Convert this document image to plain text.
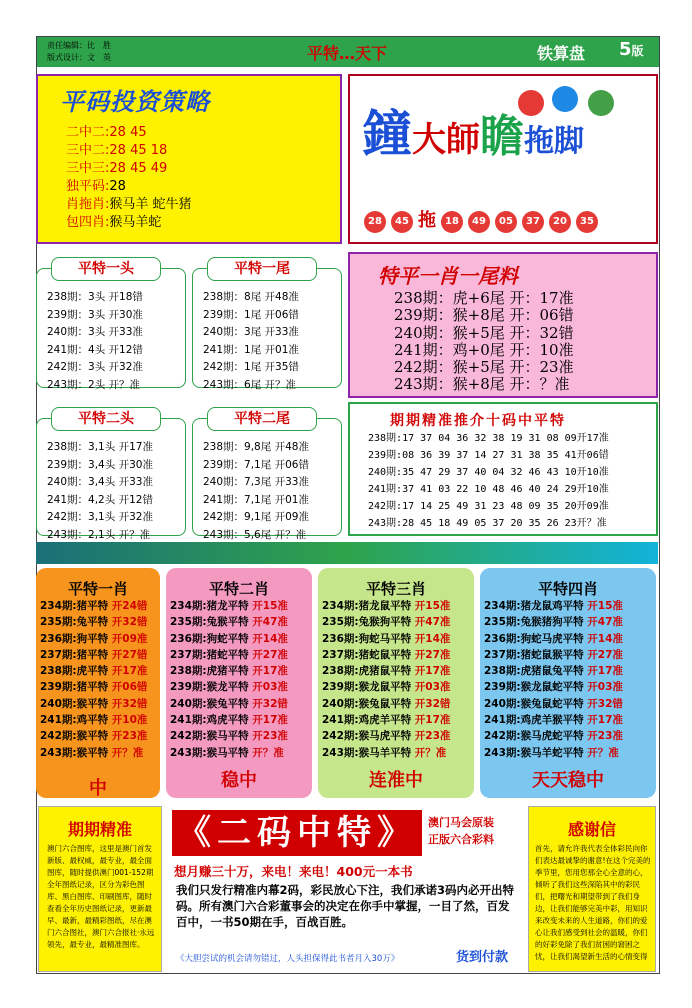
责任编辑：比　胜
版式设计：文　英	平特…天下	铁算盘 5版
平码投资策略
二中二:28 45
三中二:28 45 18
三中三:28 45 49
独平码:28
肖拖肖:猴马羊 蛇牛猪
包四肖:猴马羊蛇
鐘大師瞻拖脚
28 45 拖 18 49 05 37 20 35
平特一头
238期：3头 开18错
239期：3头 开30准
240期：3头 开33准
241期：4头 开12错
242期：3头 开32准
243期：2头 开？准
平特一尾
238期：8尾 开48准
239期：1尾 开06错
240期：3尾 开33准
241期：1尾 开01准
242期：1尾 开35错
243期：6尾 开？准
平特二头
238期：3,1头 开17准
239期：3,4头 开30准
240期：3,4头 开33准
241期：4,2头 开12错
242期：3,1头 开32准
243期：2,1头 开？准
平特二尾
238期：9,8尾 开48准
239期：7,1尾 开06错
240期：7,3尾 开33准
241期：7,1尾 开01准
242期：9,1尾 开09准
243期：5,6尾 开？准
特平一肖一尾料
238期：虎+6尾 开：17准
239期：猴+8尾 开：06错
240期：猴+5尾 开：32错
241期：鸡+0尾 开：10准
242期：猴+5尾 开：23准
243期：猴+8尾 开：？准
期期精准推介十码中平特
238期:17 37 04 36 32 38 19 31 08 09开17准
239期:08 36 39 37 14 27 31 38 35 41开06错
240期:35 47 29 37 40 04 32 46 43 10开10准
241期:37 41 03 22 10 48 46 40 24 29开10准
242期:17 14 25 49 31 23 48 09 35 20开09准
243期:28 45 18 49 05 37 20 35 26 23开？准
平特一肖
234期:猪平特 开24错
235期:兔平特 开32错
236期:狗平特 开09准
237期:猪平特 开27错
238期:虎平特 开17准
239期:猪平特 开06错
240期:猴平特 开32错
241期:鸡平特 开10准
242期:猴平特 开23准
243期:猴平特 开？准
中
平特二肖
234期:猪龙平特 开15准
235期:兔猴平特 开47准
236期:狗蛇平特 开14准
237期:猪蛇平特 开27准
238期:虎猪平特 开17准
239期:猴龙平特 开03准
240期:猴兔平特 开32错
241期:鸡虎平特 开17准
242期:猴马平特 开23准
243期:猴马平特 开？准
稳中
平特三肖
234期:猪龙鼠平特 开15准
235期:兔猴狗平特 开47准
236期:狗蛇马平特 开14准
237期:猪蛇鼠平特 开27准
238期:虎猪鼠平特 开17准
239期:猴龙鼠平特 开03准
240期:猴兔鼠平特 开32错
241期:鸡虎羊平特 开17准
242期:猴马虎平特 开23准
243期:猴马羊平特 开？准
连准中
平特四肖
234期:猪龙鼠鸡平特 开15准
235期:兔猴猪狗平特 开47准
236期:狗蛇马虎平特 开14准
237期:猪蛇鼠猴平特 开27准
238期:虎猪鼠兔平特 开17准
239期:猴龙鼠蛇平特 开03准
240期:猴兔鼠蛇平特 开32错
241期:鸡虎羊猴平特 开17准
242期:猴马虎蛇平特 开23准
243期:猴马羊蛇平特 开？准
天天稳中
期期精准
澳门六合图库，这里是澳门首发新版、最权威，最专业，最全面图库，随时提供澳门001-152期全年图纸记录，区分为彩色图库、黑白图库、印刷图库，随时查看全年历史图纸记录，更新最早、最新，最精彩图纸，尽在澳门六合图社，澳门六合报社·永远领先，最专业，最精准图库。
《二码中特》	澳门马会原装
正版六合彩料
想月赚三十万，来电！来电！400元一本书
我们只发行精准内幕2码，彩民放心下注，我们承诺3码内必开出特码。所有澳门六合彩董事会的决定在你手中掌握，一目了然，百发百中，一书50期在手，百战百胜。
《大胆尝试的机会请勿错过，人头担保得此书者月入30万》	货到付款
感谢信
首先，请允许我代表全体彩民向你们表达最诚挚的谢意!在这个完美的季节里，您用您那全心全意的心，倾听了我们这些深陷其中的彩民们，把曙光和期望带到了我们身边，让我们能够完美中彩，用知识来改变未来的人生道路，你们的爱心让我们感受到社会的温暖，你们的好彩免除了我们贫困的窘困之忧，让我们渴望新生活的心情变得
